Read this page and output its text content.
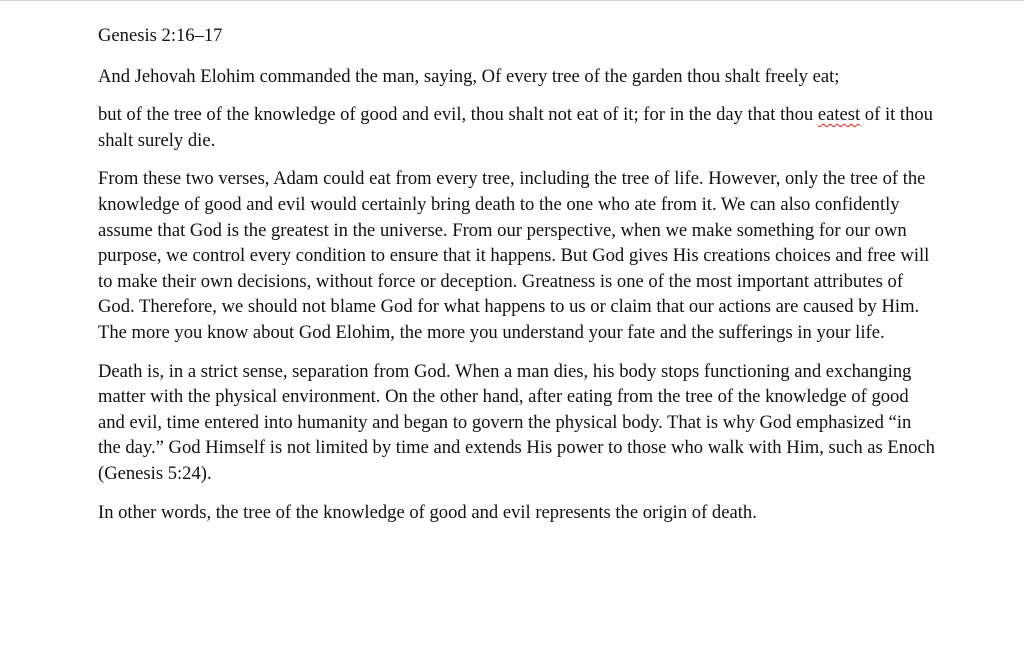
Genesis 2:16–17

And Jehovah Elohim commanded the man, saying, Of every tree of the garden thou shalt freely eat;

but of the tree of the knowledge of good and evil, thou shalt not eat of it; for in the day that thou eatest of it thou shalt surely die.

From these two verses, Adam could eat from every tree, including the tree of life. However, only the tree of the knowledge of good and evil would certainly bring death to the one who ate from it. We can also confidently assume that God is the greatest in the universe. From our perspective, when we make something for our own purpose, we control every condition to ensure that it happens. But God gives His creations choices and free will to make their own decisions, without force or deception. Greatness is one of the most important attributes of God. Therefore, we should not blame God for what happens to us or claim that our actions are caused by Him. The more you know about God Elohim, the more you understand your fate and the sufferings in your life.

Death is, in a strict sense, separation from God. When a man dies, his body stops functioning and exchanging matter with the physical environment. On the other hand, after eating from the tree of the knowledge of good and evil, time entered into humanity and began to govern the physical body. That is why God emphasized “in the day.” God Himself is not limited by time and extends His power to those who walk with Him, such as Enoch (Genesis 5:24).

In other words, the tree of the knowledge of good and evil represents the origin of death.
